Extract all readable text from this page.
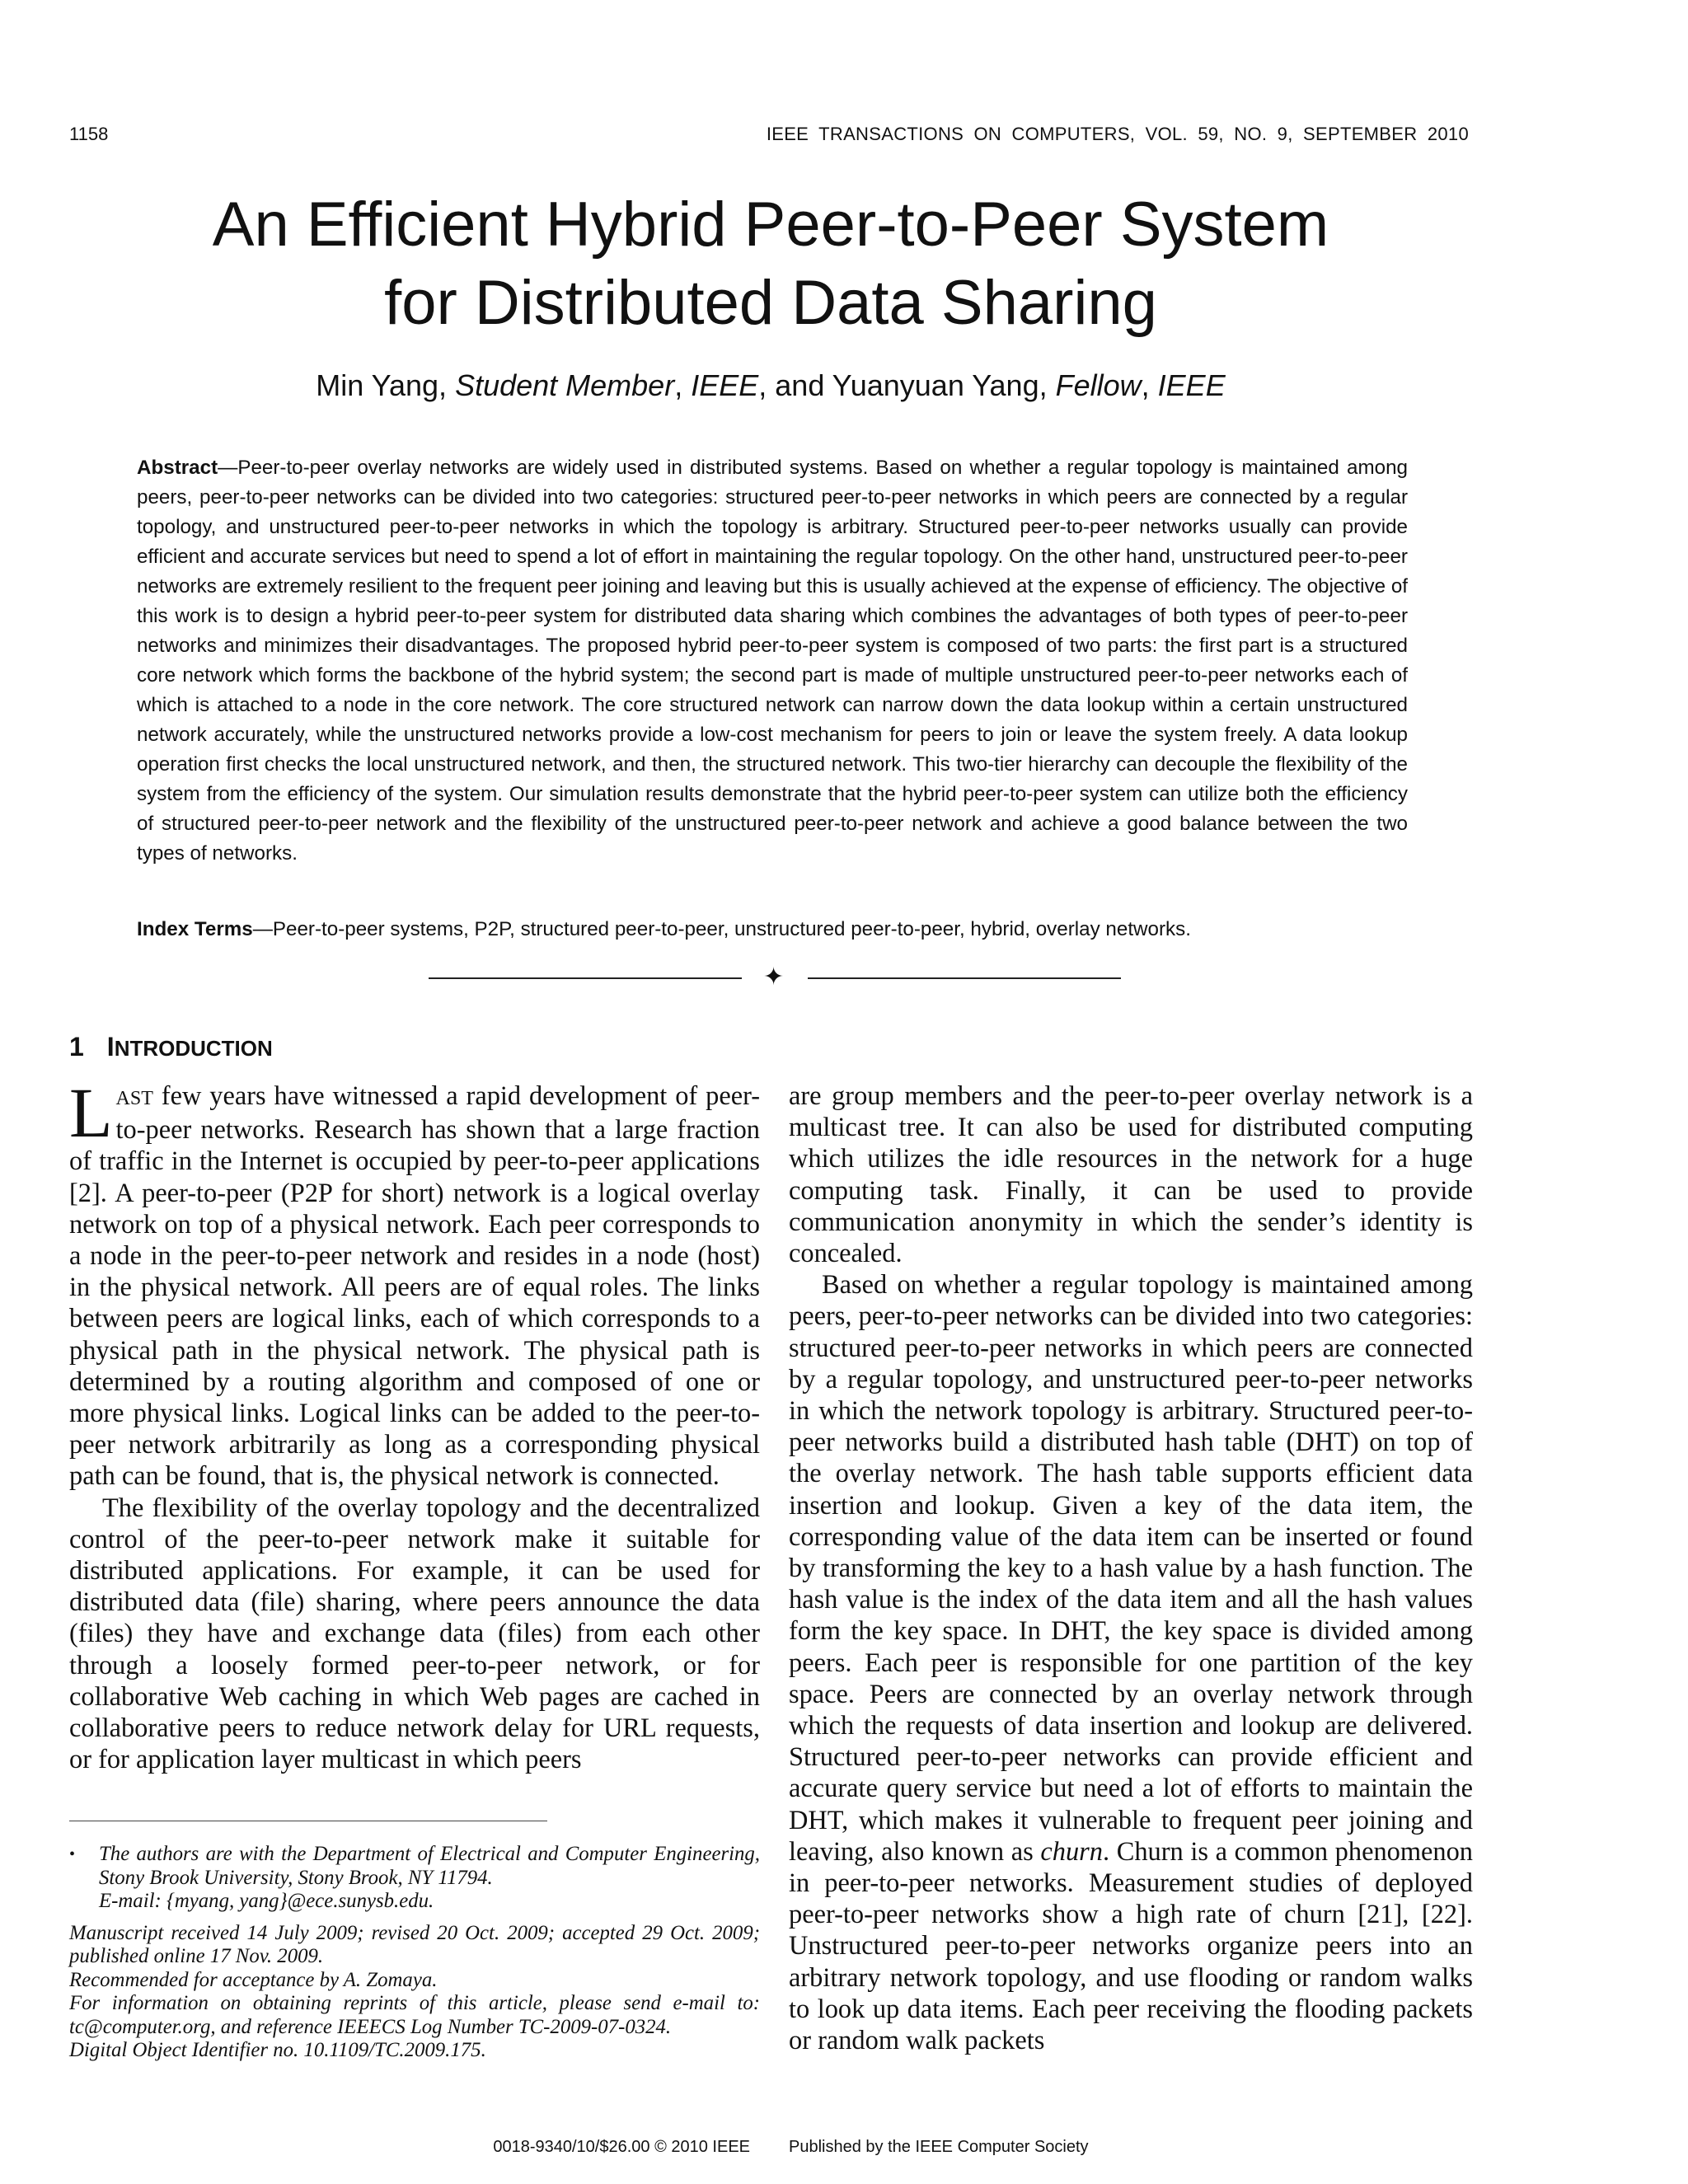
1158	IEEE TRANSACTIONS ON COMPUTERS, VOL. 59, NO. 9, SEPTEMBER 2010
An Efficient Hybrid Peer-to-Peer System
for Distributed Data Sharing
Min Yang, Student Member, IEEE, and Yuanyuan Yang, Fellow, IEEE

Abstract—Peer-to-peer overlay networks are widely used in distributed systems. Based on whether a regular topology is maintained among peers, peer-to-peer networks can be divided into two categories: structured peer-to-peer networks in which peers are connected by a regular topology, and unstructured peer-to-peer networks in which the topology is arbitrary. Structured peer-to-peer networks usually can provide efficient and accurate services but need to spend a lot of effort in maintaining the regular topology. On the other hand, unstructured peer-to-peer networks are extremely resilient to the frequent peer joining and leaving but this is usually achieved at the expense of efficiency. The objective of this work is to design a hybrid peer-to-peer system for distributed data sharing which combines the advantages of both types of peer-to-peer networks and minimizes their disadvantages. The proposed hybrid peer-to-peer system is composed of two parts: the first part is a structured core network which forms the backbone of the hybrid system; the second part is made of multiple unstructured peer-to-peer networks each of which is attached to a node in the core network. The core structured network can narrow down the data lookup within a certain unstructured network accurately, while the unstructured networks provide a low-cost mechanism for peers to join or leave the system freely. A data lookup operation first checks the local unstructured network, and then, the structured network. This two-tier hierarchy can decouple the flexibility of the system from the efficiency of the system. Our simulation results demonstrate that the hybrid peer-to-peer system can utilize both the efficiency of structured peer-to-peer network and the flexibility of the unstructured peer-to-peer network and achieve a good balance between the two types of networks.

Index Terms—Peer-to-peer systems, P2P, structured peer-to-peer, unstructured peer-to-peer, hybrid, overlay networks.

✦
1 INTRODUCTION

LAST few years have witnessed a rapid development of peer-to-peer networks. Research has shown that a large fraction of traffic in the Internet is occupied by peer-to-peer applications [2]. A peer-to-peer (P2P for short) network is a logical overlay network on top of a physical network. Each peer corresponds to a node in the peer-to-peer network and resides in a node (host) in the physical network. All peers are of equal roles. The links between peers are logical links, each of which corresponds to a physical path in the physical network. The physical path is determined by a routing algorithm and composed of one or more physical links. Logical links can be added to the peer-to-peer network arbitrarily as long as a corresponding physical path can be found, that is, the physical network is connected.

The flexibility of the overlay topology and the decentralized control of the peer-to-peer network make it suitable for distributed applications. For example, it can be used for distributed data (file) sharing, where peers announce the data (files) they have and exchange data (files) from each other through a loosely formed peer-to-peer network, or for collaborative Web caching in which Web pages are cached in collaborative peers to reduce network delay for URL requests, or for application layer multicast in which peers

• The authors are with the Department of Electrical and Computer Engineering, Stony Brook University, Stony Brook, NY 11794.

E-mail: {myang, yang}@ece.sunysb.edu.

Manuscript received 14 July 2009; revised 20 Oct. 2009; accepted 29 Oct. 2009; published online 17 Nov. 2009.

Recommended for acceptance by A. Zomaya.

For information on obtaining reprints of this article, please send e-mail to: tc@computer.org, and reference IEEECS Log Number TC-2009-07-0324.

Digital Object Identifier no. 10.1109/TC.2009.175.

are group members and the peer-to-peer overlay network is a multicast tree. It can also be used for distributed computing which utilizes the idle resources in the network for a huge computing task. Finally, it can be used to provide communication anonymity in which the sender’s identity is concealed.

Based on whether a regular topology is maintained among peers, peer-to-peer networks can be divided into two categories: structured peer-to-peer networks in which peers are connected by a regular topology, and unstructured peer-to-peer networks in which the network topology is arbitrary. Structured peer-to-peer networks build a distributed hash table (DHT) on top of the overlay network. The hash table supports efficient data insertion and lookup. Given a key of the data item, the corresponding value of the data item can be inserted or found by transforming the key to a hash value by a hash function. The hash value is the index of the data item and all the hash values form the key space. In DHT, the key space is divided among peers. Each peer is responsible for one partition of the key space. Peers are connected by an overlay network through which the requests of data insertion and lookup are delivered. Structured peer-to-peer networks can provide efficient and accurate query service but need a lot of efforts to maintain the DHT, which makes it vulnerable to frequent peer joining and leaving, also known as churn. Churn is a common phenomenon in peer-to-peer networks. Measurement studies of deployed peer-to-peer networks show a high rate of churn [21], [22]. Unstructured peer-to-peer networks organize peers into an arbitrary network topology, and use flooding or random walks to look up data items. Each peer receiving the flooding packets or random walk packets

0018-9340/10/$26.00 © 2010 IEEE Published by the IEEE Computer Society
